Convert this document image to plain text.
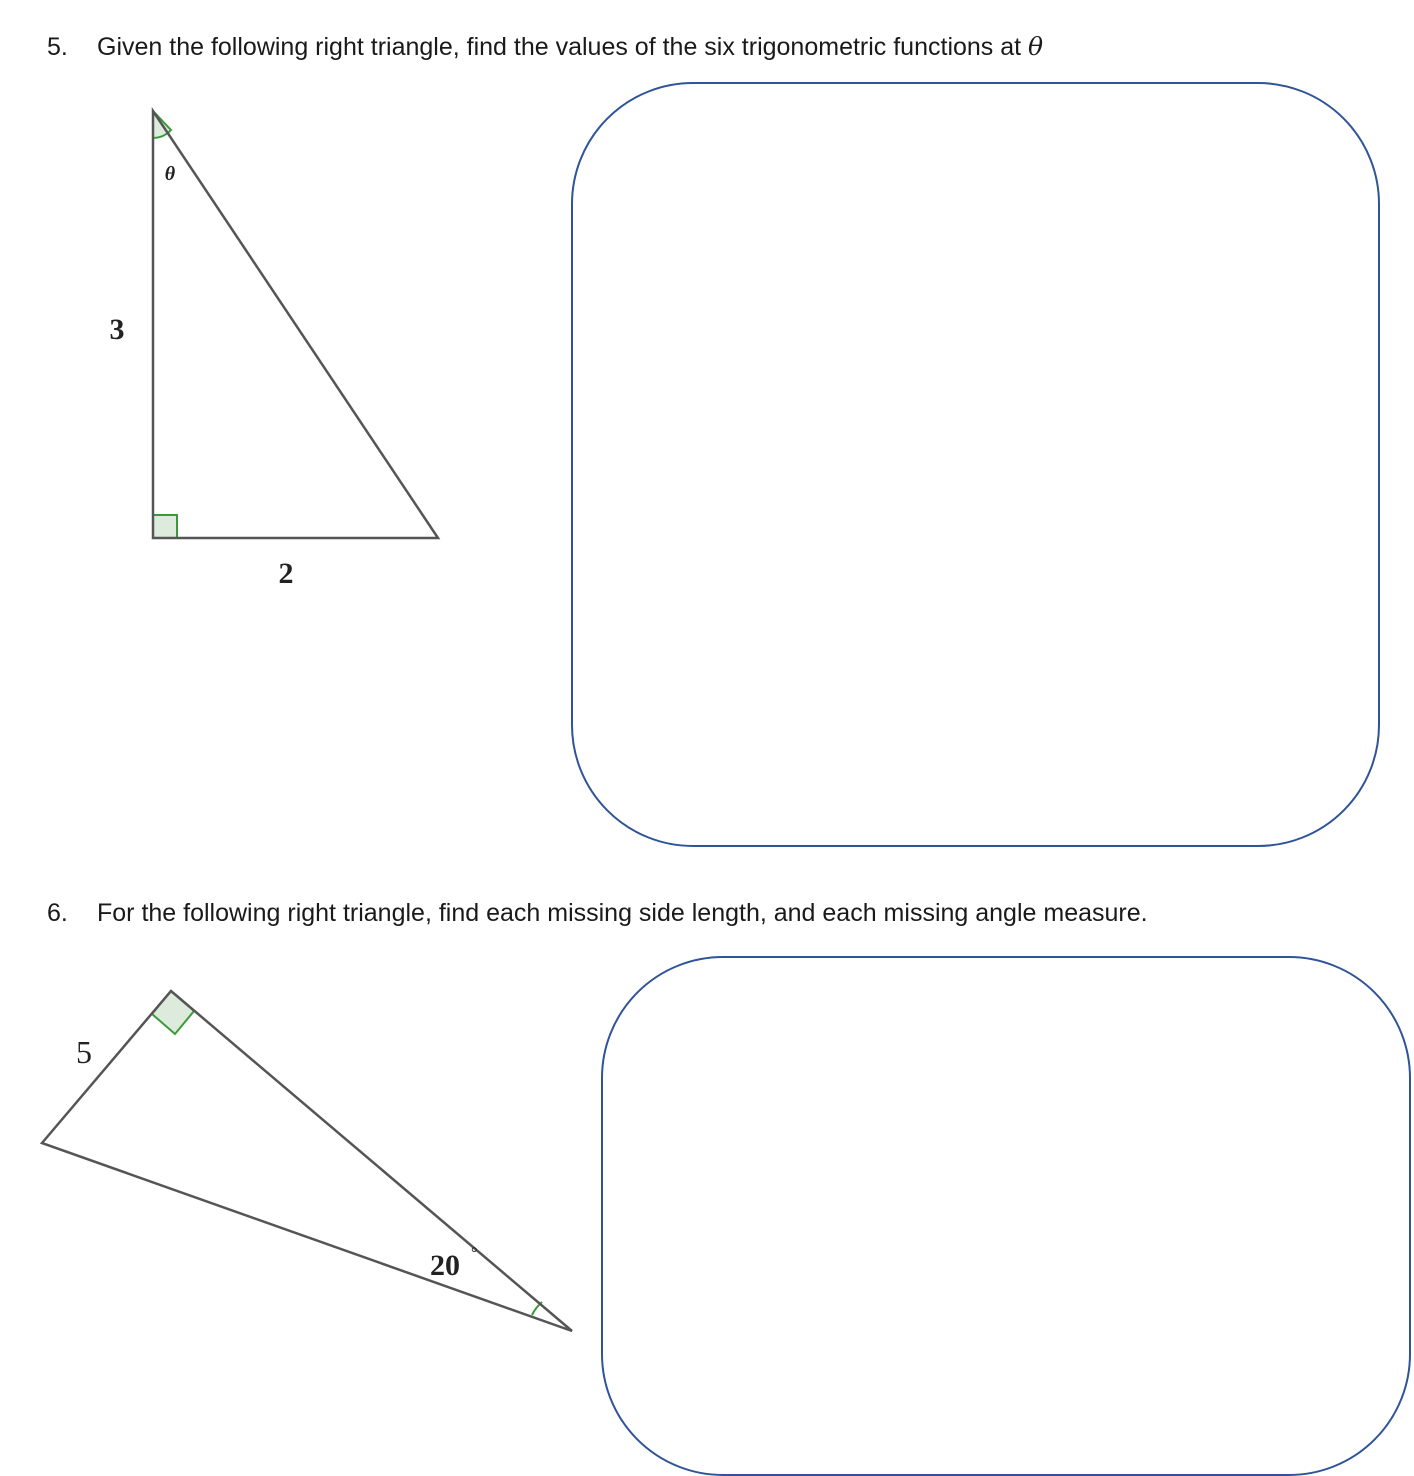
5. Given the following right triangle, find the values of the six trigonometric functions at θ
3
2
θ
6. For the following right triangle, find each missing side length, and each missing angle measure.
5
20 °
